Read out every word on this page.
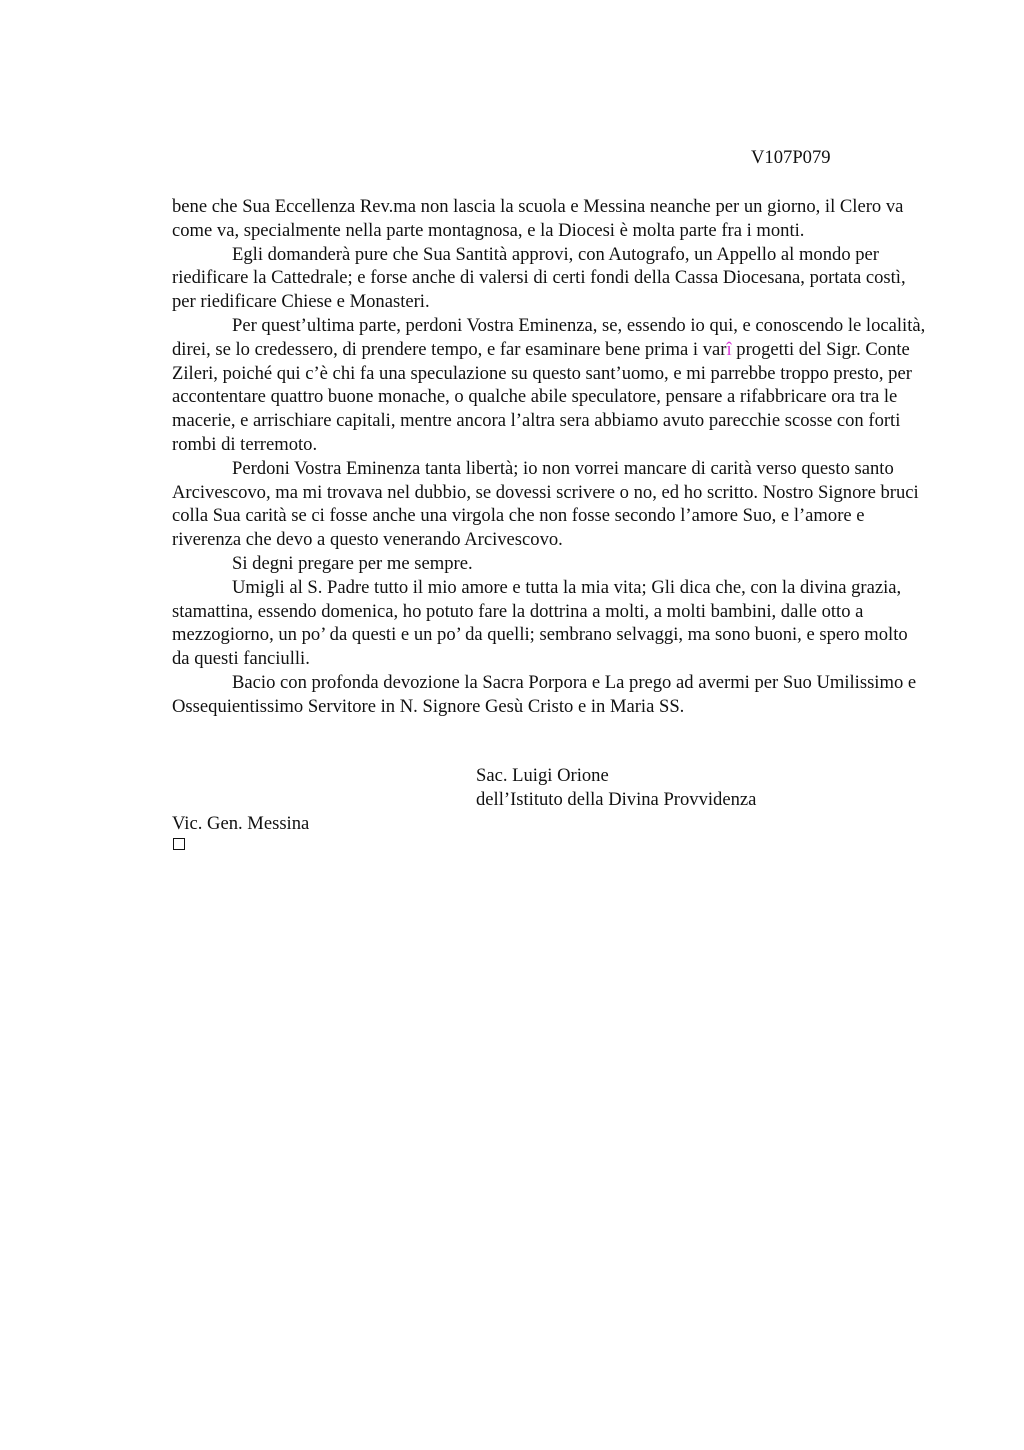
V107P079

bene che Sua Eccellenza Rev.ma non lascia la scuola e Messina neanche per un giorno, il Clero va come va, specialmente nella parte montagnosa, e la Diocesi è molta parte fra i monti.

Egli domanderà pure che Sua Santità approvi, con Autografo, un Appello al mondo per riedificare la Cattedrale; e forse anche di valersi di certi fondi della Cassa Diocesana, portata costì, per riedificare Chiese e Monasteri.

Per quest’ultima parte, perdoni Vostra Eminenza, se, essendo io qui, e conoscendo le località, direi, se lo credessero, di prendere tempo, e far esaminare bene prima i varî progetti del Sigr. Conte Zileri, poiché qui c’è chi fa una speculazione su questo sant’uomo, e mi parrebbe troppo presto, per accontentare quattro buone monache, o qualche abile speculatore, pensare a rifabbricare ora tra le macerie, e arrischiare capitali, mentre ancora l’altra sera abbiamo avuto parecchie scosse con forti rombi di terremoto.

Perdoni Vostra Eminenza tanta libertà; io non vorrei mancare di carità verso questo santo Arcivescovo, ma mi trovava nel dubbio, se dovessi scrivere o no, ed ho scritto. Nostro Signore bruci colla Sua carità se ci fosse anche una virgola che non fosse secondo l’amore Suo, e l’amore e riverenza che devo a questo venerando Arcivescovo.

Si degni pregare per me sempre.

Umigli al S. Padre tutto il mio amore e tutta la mia vita; Gli dica che, con la divina grazia, stamattina, essendo domenica, ho potuto fare la dottrina a molti, a molti bambini, dalle otto a mezzogiorno, un po’ da questi e un po’ da quelli; sembrano selvaggi, ma sono buoni, e spero molto da questi fanciulli.

Bacio con profonda devozione la Sacra Porpora e La prego ad avermi per Suo Umilissimo e Ossequientissimo Servitore in N. Signore Gesù Cristo e in Maria SS.

Sac. Luigi Orione
dell’Istituto della Divina Provvidenza
Vic. Gen. Messina
